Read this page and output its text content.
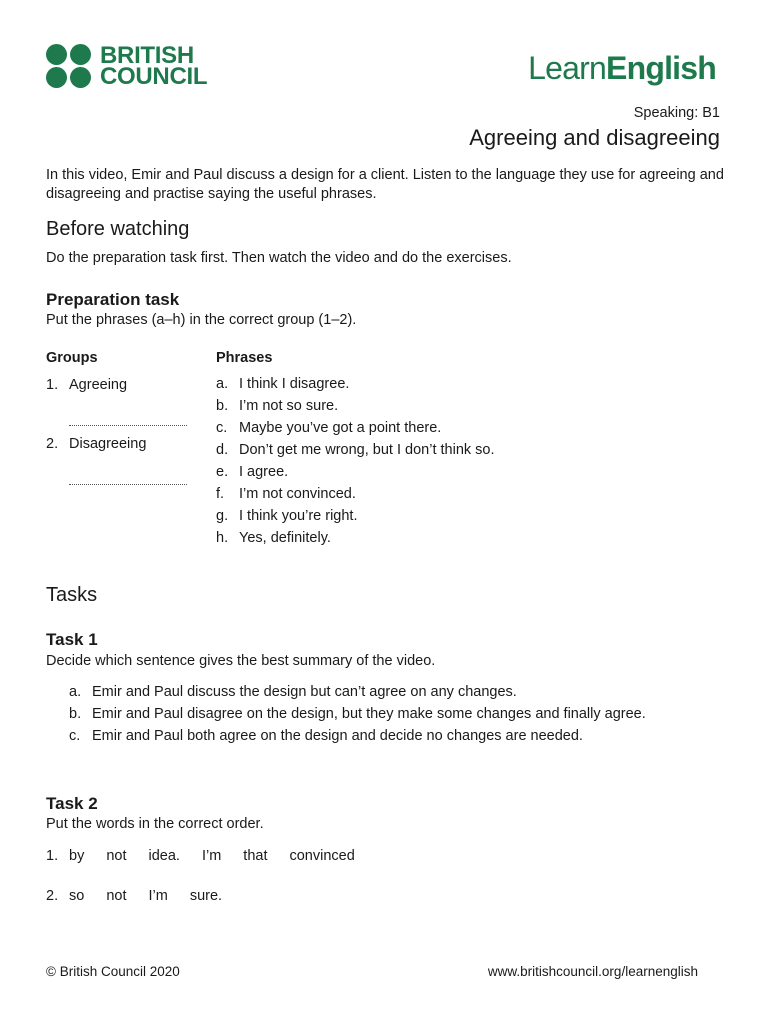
BRITISH
COUNCIL	LearnEnglish
Speaking: B1
Agreeing and disagreeing

In this video, Emir and Paul discuss a design for a client. Listen to the language they use for agreeing and disagreeing and practise saying the useful phrases.

Before watching

Do the preparation task first. Then watch the video and do the exercises.

Preparation task

Put the phrases (a–h) in the correct group (1–2).

Groups	Phrases
1. Agreeing
2. Disagreeing
a. I think I disagree.
b. I’m not so sure.
c. Maybe you’ve got a point there.
d. Don’t get me wrong, but I don’t think so.
e. I agree.
f.	I’m not convinced.
g. I think you’re right.
h. Yes, definitely.
Tasks
Task 1

Decide which sentence gives the best summary of the video.

a. Emir and Paul discuss the design but can’t agree on any changes.
b. Emir and Paul disagree on the design, but they make some changes and finally agree.
c. Emir and Paul both agree on the design and decide no changes are needed.
Task 2

Put the words in the correct order.

1. by not idea. I’m that convinced
2. so not I’m sure.
© British Council 2020	www.britishcouncil.org/learnenglish
